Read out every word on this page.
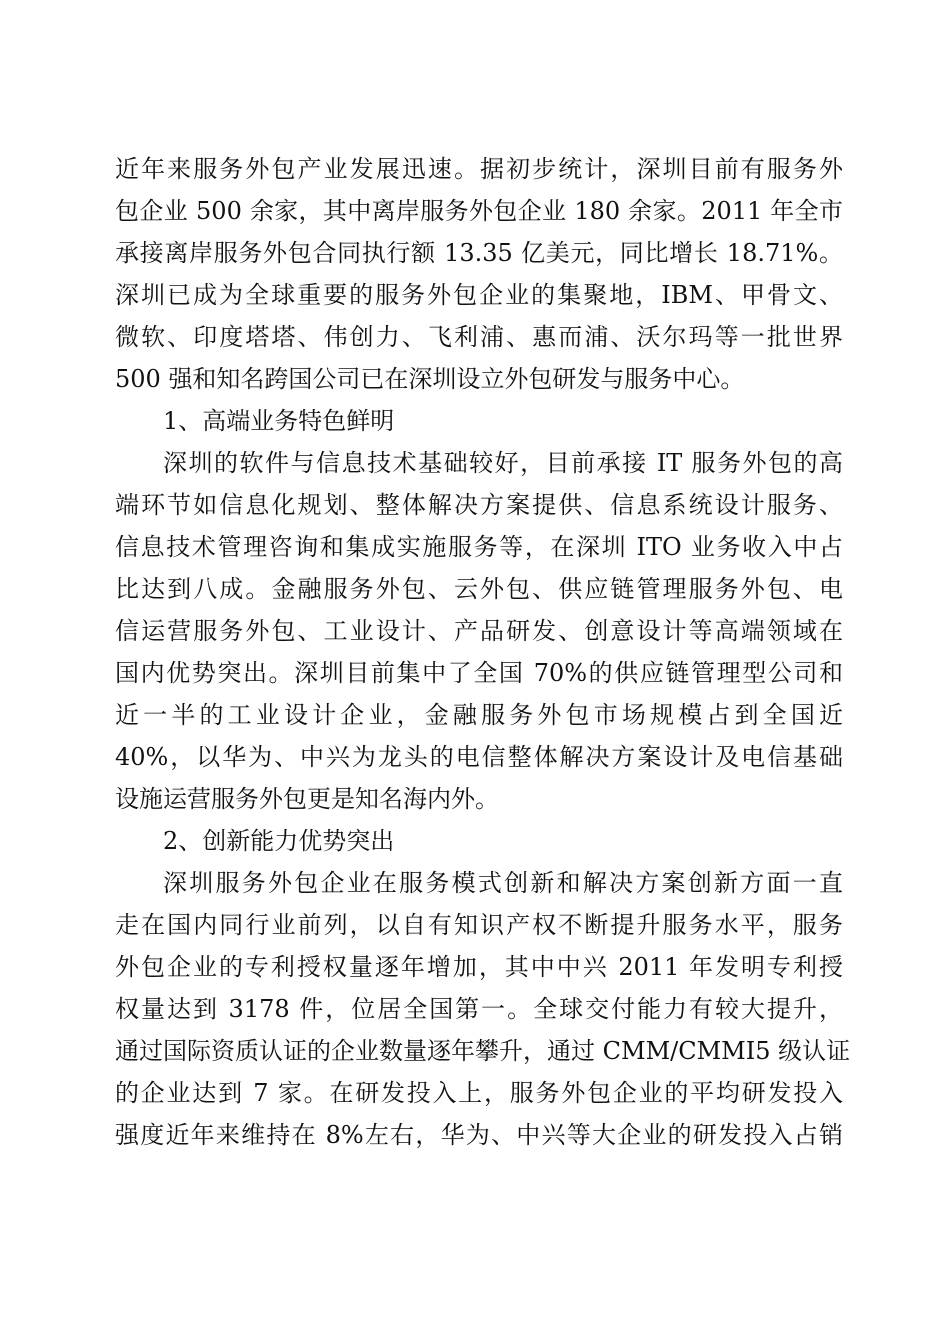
近年来服务外包产业发展迅速。据初步统计，深圳目前有服务外
包企业 500 余家，其中离岸服务外包企业 180 余家。2011 年全市
承接离岸服务外包合同执行额 13.35 亿美元，同比增长 18.71%。
深圳已成为全球重要的服务外包企业的集聚地，IBM、甲骨文、
微软、印度塔塔、伟创力、飞利浦、惠而浦、沃尔玛等一批世界
500 强和知名跨国公司已在深圳设立外包研发与服务中心。
1、高端业务特色鲜明
深圳的软件与信息技术基础较好，目前承接 IT 服务外包的高
端环节如信息化规划、整体解决方案提供、信息系统设计服务、
信息技术管理咨询和集成实施服务等，在深圳 ITO 业务收入中占
比达到八成。金融服务外包、云外包、供应链管理服务外包、电
信运营服务外包、工业设计、产品研发、创意设计等高端领域在
国内优势突出。深圳目前集中了全国 70%的供应链管理型公司和
近一半的工业设计企业，金融服务外包市场规模占到全国近
40%，以华为、中兴为龙头的电信整体解决方案设计及电信基础
设施运营服务外包更是知名海内外。
2、创新能力优势突出
深圳服务外包企业在服务模式创新和解决方案创新方面一直
走在国内同行业前列，以自有知识产权不断提升服务水平，服务
外包企业的专利授权量逐年增加，其中中兴 2011 年发明专利授
权量达到 3178 件，位居全国第一。全球交付能力有较大提升，
通过国际资质认证的企业数量逐年攀升，通过 CMM/CMMI5 级认证
的企业达到 7 家。在研发投入上，服务外包企业的平均研发投入
强度近年来维持在 8%左右，华为、中兴等大企业的研发投入占销
